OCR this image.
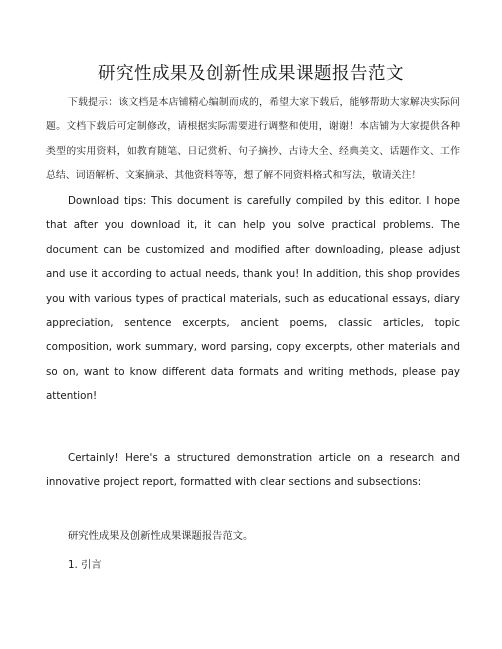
研究性成果及创新性成果课题报告范文
下载提示：该文档是本店铺精心编制而成的，希望大家下载后，能够帮助大家解决实际问题。文档下载后可定制修改，请根据实际需要进行调整和使用，谢谢！本店铺为大家提供各种类型的实用资料，如教育随笔、日记赏析、句子摘抄、古诗大全、经典美文、话题作文、工作总结、词语解析、文案摘录、其他资料等等，想了解不同资料格式和写法，敬请关注！
Download tips: This document is carefully compiled by this editor. I hope that after you download it, it can help you solve practical problems. The document can be customized and modified after downloading, please adjust and use it according to actual needs, thank you! In addition, this shop provides you with various types of practical materials, such as educational essays, diary appreciation, sentence excerpts, ancient poems, classic articles, topic composition, work summary, word parsing, copy excerpts, other materials and so on, want to know different data formats and writing methods, please pay attention!
Certainly! Here's a structured demonstration article on a research and innovative project report, formatted with clear sections and subsections:
研究性成果及创新性成果课题报告范文。
1. 引言
